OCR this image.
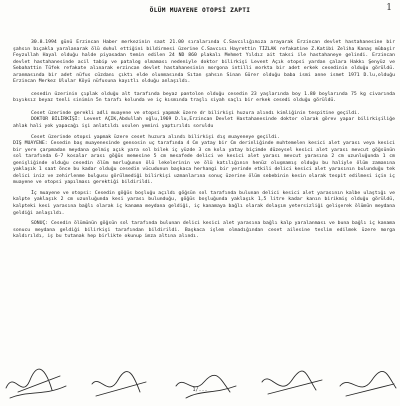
1
ÖLÜM MUAYENE OTOPSİ ZAPTI

30.8.1994 günü Erzincan Haber merkezinin saat 21.00 sıralarında C.Savcılığımıza arayarak Erzincan devlet hastahanesine bir şahsın bıçakla yaralanarak ölü duhul ettiğini bildirmesi üzerine C.Savcısı Hayrettin TİZLAK refakatine Z.Katibi Zeliha Kanaş mübaşir Feyzullah Hayal olduğu halde piyasadan temin edilen 24 ND 860 plakalı Mehmet Yıldız ait taksi ile hastahaneye gelindi. Erzincan devlet hastahanesinde acil tabip ve patalog olmaması nedeniyle doktor bilirkişi Levent Açık otopsi yardan çalara Hakkı Şenyüz ve Sebahattin Tüfek refakate alınarak erzincan devlet hastahanesinin morgona intilli morkta bir adet erkek cesedinin olduğu görüldü. aranmasında bir adet nüfus cüzdanı çıktı elde olunmasında Sıtan şahsın Sinan Gürer olduğu baba ismi anne ismet 1971 D.lu,olduğu Erzincan Merkez Ulular Köyü nüfusuna kayıtlı olduğu anlaşıldı.

cesedin üzerinin çıplak olduğu alt tarafında beyaz pantolon olduğu cesedin 23 yaşlarında boy 1.80 boylarında 75 kg civarında bıyıksız beyaz tenli sinimin 5n tarafı kolunda ve iç kısmında traşlı siyah saçlı bir erkek cesedi olduğu görüldü.

Ceset üzerinde gerekli adli muayene ve otopsi yapmak üzere dr bilirkişi huzura alındı kimliğinin tespitine geçildi.

DOKTOR BİLİRKİŞİ: Levent AÇIK,Abdullah oğlu,1969 D.lu,Erzincan Devlet Hastahanesinde doktor olarak görev yapar bilirkişiliğe ahlak hali yok yapacağı işi anlatıldı usulen yemini yaptırıldı soruldu

Ceset üzerinde otopsi yapmak üzere ceset huzura alındı bilirkişi dış muayeneye geçildi.

DIŞ MUAYENE: Cesedin baş muayenesinde gensosin uç tarafında 4 Cm yatay bir Cm derinliğinde muhtemelen kesici alet yarası veya kesici bir yere çarpmadan meydana gelmiş açık yara sol bilek iç yüzde 3 cm kola yatay biçimde düzeysel kesici alet yarası mevcut göğsünün sol tarafında 6-7 kosalar arası göğüs memesine 5 cm mesafede delici ve kesici alet yarası mevcut yarasına 2 cm uzunluğunda 1 cm genişliğinde olduğu cesedin ölüm morluğunun ölü lekelerinin ve ölü katılığının henüz oluşmamış olduğu bu haliyle ölüm zamanına yaklaşık 1 saat önce bu kadar olduğu cesedin vücudunun başkaca herhangi bir yerinde etkili delici kesici alet yarasının bulunduğu tek delici iniz ve zehirlenme bulgusu görülmediği bilirkişi uzmanlarına sonuç üzerine ölüm sebebinin kesin olarak tespit edilmesi için iç muayene ve otopsi yapılması gerektiği bildirildi.

İç muayene ve otopsi: Cesedin göğüs boşluğu açıldı göğsün sol tarafında bulunan delici kesici alet yarasının kalbe ulaştığı ve kalpte yaklaşık 2 cm uzunluğunda kesi yarası bulunduğu, göğüs boşluğunda yaklaşık 1,5 litre kadar kanın birikmiş olduğu görüldü, kalpteki kesi yarasına bağlı olarak iç kanama meydana geldiği, iç kanamaya bağlı olarak dolaşım yetersizliği gelişerek ölümün meydana geldiği anlaşıldı.

SONUÇ: Cesedin ölümünün göğsün sol tarafında bulunan delici kesici alet yarasına bağlı kalp yaralanması ve buna bağlı iç kanama sonucu meydana geldiği bilirkişi tarafından bildirildi. Başkaca işlem olmadığından ceset ailesine teslim edilmek üzere morga kaldırıldı, iş bu tutanak hep birlikte okunup imza altına alındı.

1/...
